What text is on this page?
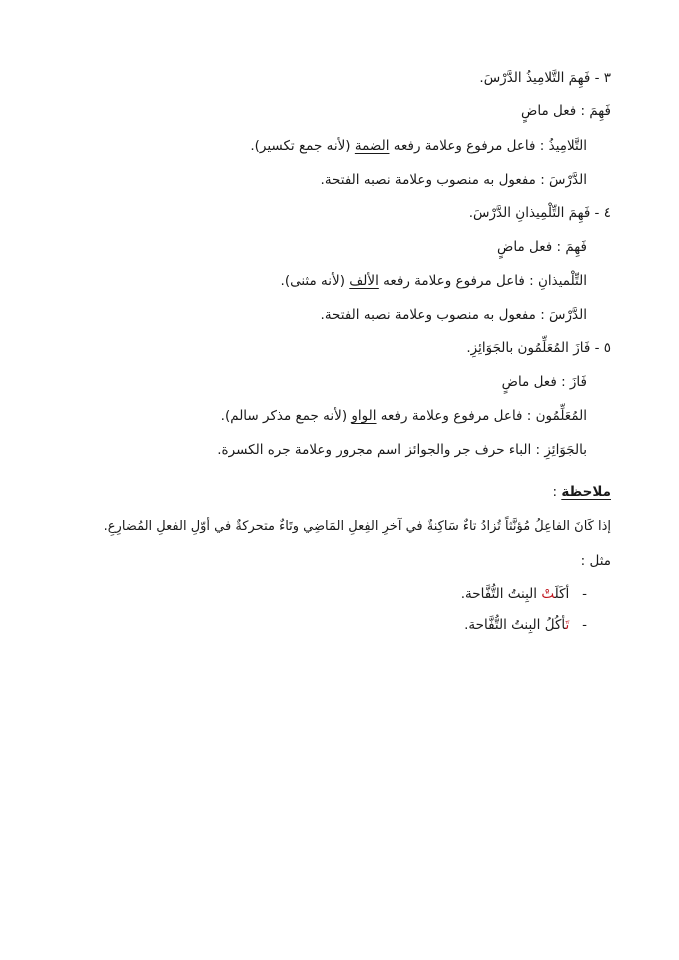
٣ - فَهِمَ التَّلامِيذُ الدَّرْسَ.
فَهِمَ : فعل ماضٍ
التَّلامِيذُ : فاعل مرفوع وعلامة رفعه الضمة (لأنه جمع تكسير).
الدَّرْسَ : مفعول به منصوب وعلامة نصبه الفتحة.
٤ - فَهِمَ التِّلْمِيذانِ الدَّرْسَ.
فَهِمَ : فعل ماضٍ
التِّلْميذانِ : فاعل مرفوع وعلامة رفعه الألف (لأنه مثنى).
الدَّرْسَ : مفعول به منصوب وعلامة نصبه الفتحة.
٥ - فَازَ المُعَلِّمُون بالجَوَائِزِ.
فَازَ : فعل ماضٍ
المُعَلِّمُون : فاعل مرفوع وعلامة رفعه الواو (لأنه جمع مذكر سالم).
بالجَوَائِزِ : الباء حرف جر والجوائز اسم مجرور وعلامة جره الكسرة.
ملاحظة :
إذا كَانَ الفاعِلُ مُؤنَّثاً تُزادُ تاءٌ سَاكِنةٌ في آخرِ الفِعلِ المَاضِي وتَاءٌ متحركةٌ في أوّلِ الفعلِ المُضارِعِ.
مثل :
-   أكَلَتْ البِنتُ التُّفَّاحة.
-   تَأكُلُ البِنتُ التُّفَّاحة.
